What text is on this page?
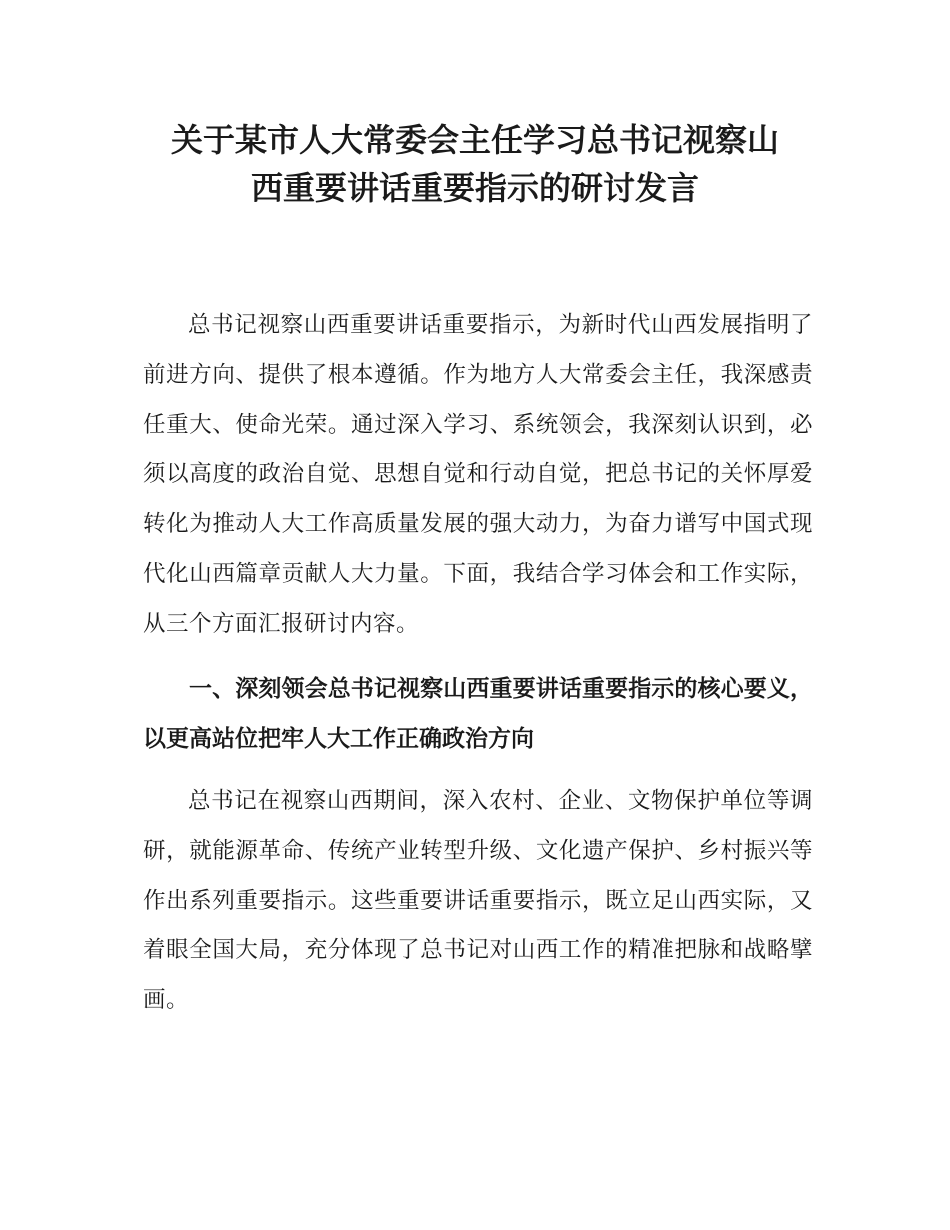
关于某市人大常委会主任学习总书记视察山
西重要讲话重要指示的研讨发言

总书记视察山西重要讲话重要指示，为新时代山西发展指明了前进方向、提供了根本遵循。作为地方人大常委会主任，我深感责任重大、使命光荣。通过深入学习、系统领会，我深刻认识到，必须以高度的政治自觉、思想自觉和行动自觉，把总书记的关怀厚爱转化为推动人大工作高质量发展的强大动力，为奋力谱写中国式现代化山西篇章贡献人大力量。下面，我结合学习体会和工作实际，从三个方面汇报研讨内容。

一、深刻领会总书记视察山西重要讲话重要指示的核心要义，以更高站位把牢人大工作正确政治方向

总书记在视察山西期间，深入农村、企业、文物保护单位等调研，就能源革命、传统产业转型升级、文化遗产保护、乡村振兴等作出系列重要指示。这些重要讲话重要指示，既立足山西实际，又着眼全国大局，充分体现了总书记对山西工作的精准把脉和战略擘画。
